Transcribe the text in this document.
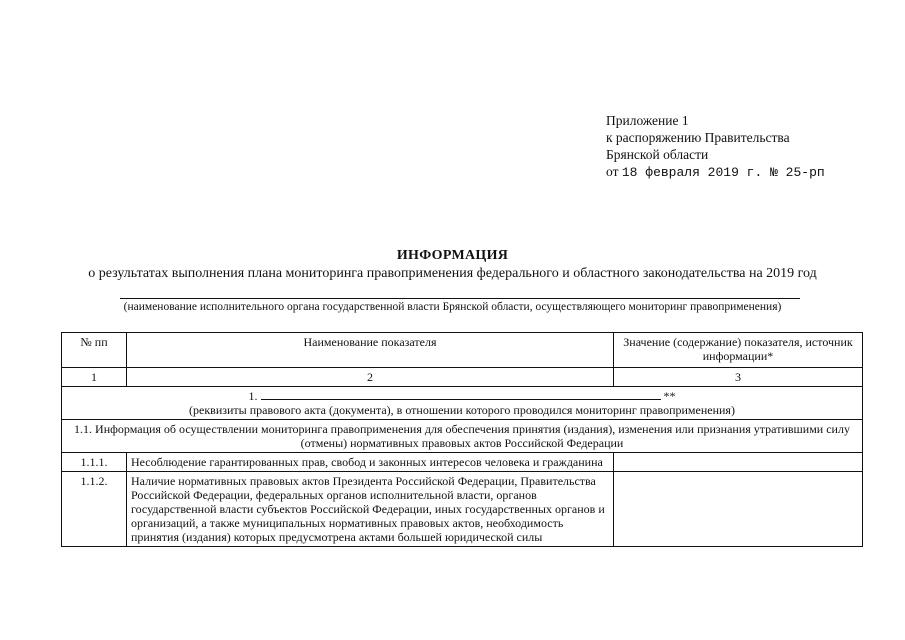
Приложение 1
к распоряжению Правительства
Брянской области
от 18 февраля 2019 г. № 25-рп
ИНФОРМАЦИЯ
о результатах выполнения плана мониторинга правоприменения федерального и областного законодательства на 2019 год
(наименование исполнительного органа государственной власти Брянской области, осуществляющего мониторинг правоприменения)
№ пп	Наименование показателя	Значение (содержание) показателя, источник информации*
1	2	3

1. **
(реквизиты правового акта (документа), в отношении которого проводился мониторинг правоприменения)		

1.1. Информация об осуществлении мониторинга правоприменения для обеспечения принятия (издания), изменения или признания утратившими силу (отмены) нормативных правовых актов Российской Федерации		
1.1.1.	Несоблюдение гарантированных прав, свобод и законных интересов человека и гражданина	
1.1.2.	Наличие нормативных правовых актов Президента Российской Федерации, Правительства Российской Федерации, федеральных органов исполнительной власти, органов государственной власти субъектов Российской Федерации, иных государственных органов и организаций, а также муниципальных нормативных правовых актов, необходимость принятия (издания) которых предусмотрена актами большей юридической силы	
